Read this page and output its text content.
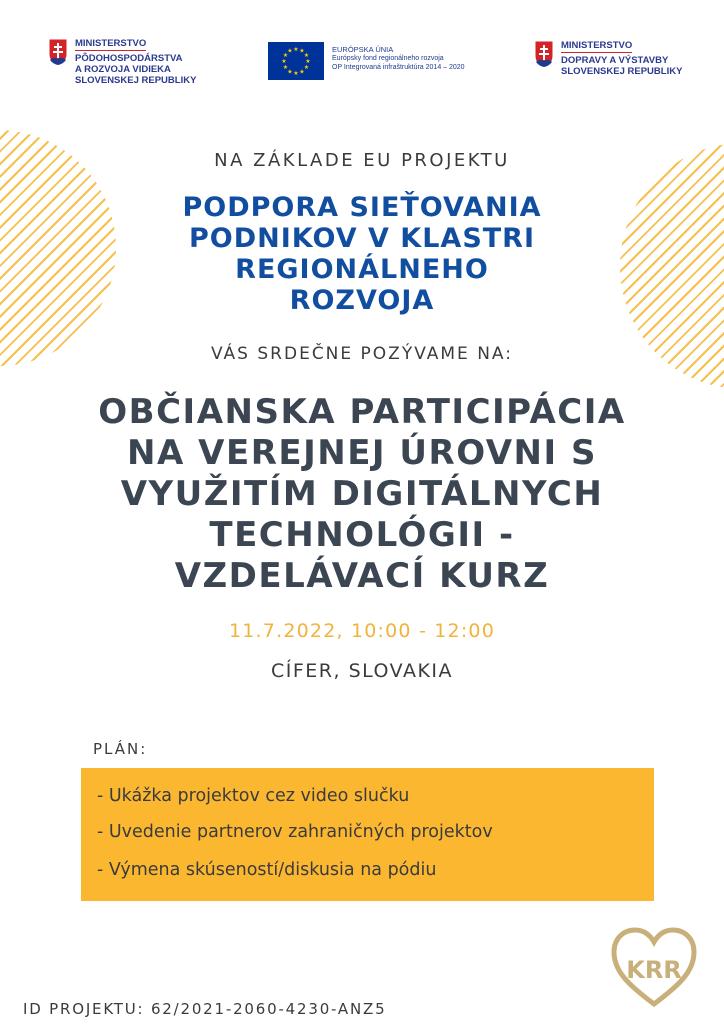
MINISTERSTVO
PÔDOHOSPODÁRSTVA
A ROZVOJA VIDIEKA
SLOVENSKEJ REPUBLIKY
★ ★
★
★
★
★
★
★
★
★
★
★	EURÓPSKA ÚNIA
Európsky fond regionálneho rozvoja
OP Integrovaná infraštruktúra 2014 – 2020
MINISTERSTVO
DOPRAVY A VÝSTAVBY
SLOVENSKEJ REPUBLIKY
NA ZÁKLADE EU PROJEKTU
PODPORA SIEŤOVANIA
PODNIKOV V KLASTRI
REGIONÁLNEHO
ROZVOJA
VÁS SRDEČNE POZÝVAME NA:
OBČIANSKA PARTICIPÁCIA
NA VEREJNEJ ÚROVNI S
VYUŽITÍM DIGITÁLNYCH
TECHNOLÓGII -
VZDELÁVACÍ KURZ
11.7.2022, 10:00 - 12:00
CÍFER, SLOVAKIA
PLÁN:
- Ukážka projektov cez video slučku
- Uvedenie partnerov zahraničných projektov
- Výmena skúseností/diskusia na pódiu
ID PROJEKTU: 62/2021-2060-4230-ANZ5
KRR
